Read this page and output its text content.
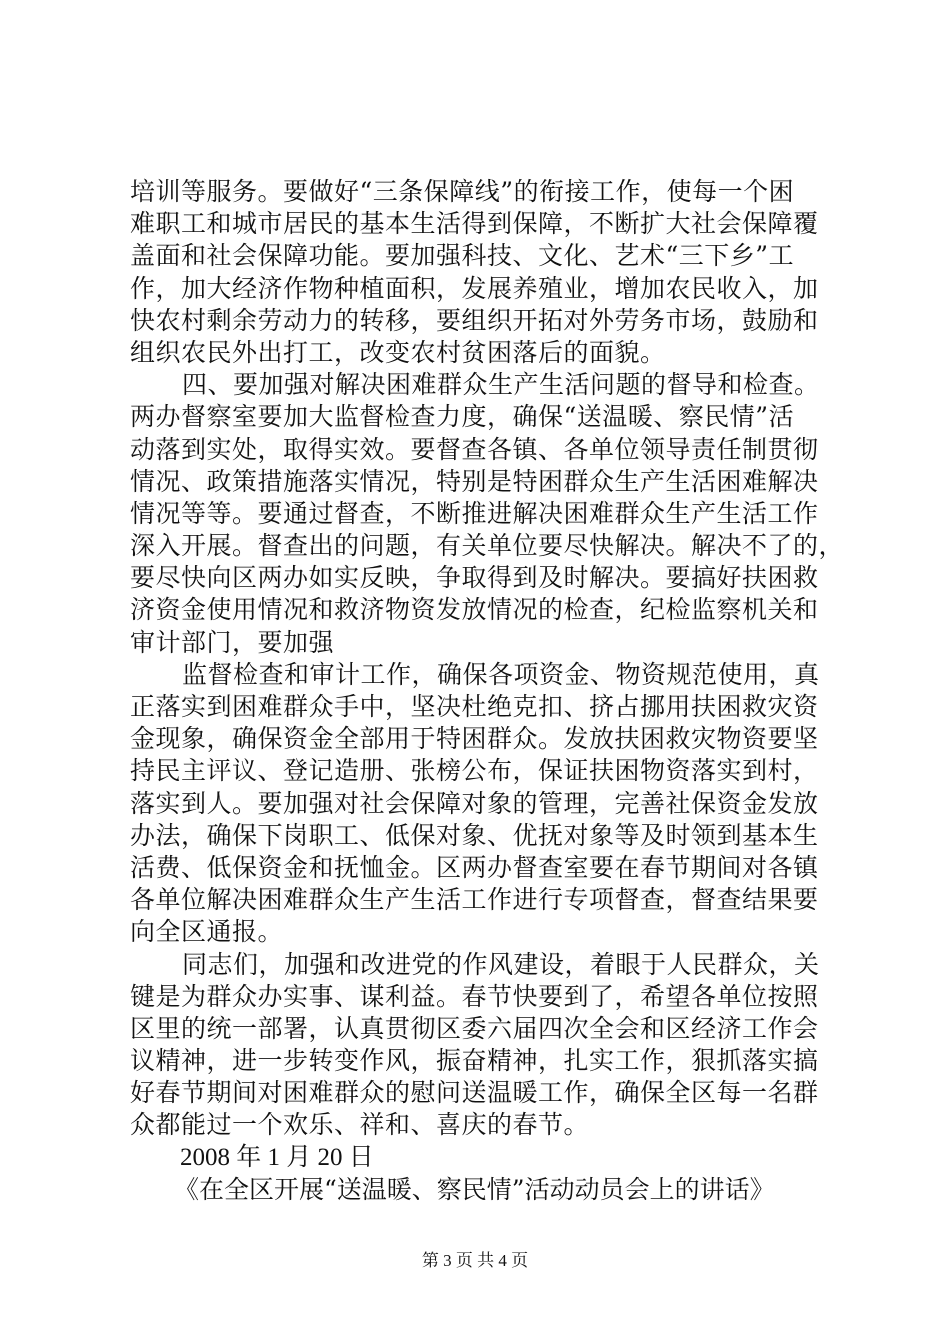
培训等服务。要做好“三条保障线”的衔接工作，使每一个困
难职工和城市居民的基本生活得到保障，不断扩大社会保障覆
盖面和社会保障功能。要加强科技、文化、艺术“三下乡”工
作，加大经济作物种植面积，发展养殖业，增加农民收入，加
快农村剩余劳动力的转移，要组织开拓对外劳务市场，鼓励和
组织农民外出打工，改变农村贫困落后的面貌。
四、要加强对解决困难群众生产生活问题的督导和检查。
两办督察室要加大监督检查力度，确保“送温暖、察民情”活
动落到实处，取得实效。要督查各镇、各单位领导责任制贯彻
情况、政策措施落实情况，特别是特困群众生产生活困难解决
情况等等。要通过督查，不断推进解决困难群众生产生活工作
深入开展。督查出的问题，有关单位要尽快解决。解决不了的，
要尽快向区两办如实反映，争取得到及时解决。要搞好扶困救
济资金使用情况和救济物资发放情况的检查，纪检监察机关和
审计部门，要加强
监督检查和审计工作，确保各项资金、物资规范使用，真
正落实到困难群众手中，坚决杜绝克扣、挤占挪用扶困救灾资
金现象，确保资金全部用于特困群众。发放扶困救灾物资要坚
持民主评议、登记造册、张榜公布，保证扶困物资落实到村，
落实到人。要加强对社会保障对象的管理，完善社保资金发放
办法，确保下岗职工、低保对象、优抚对象等及时领到基本生
活费、低保资金和抚恤金。区两办督查室要在春节期间对各镇
各单位解决困难群众生产生活工作进行专项督查，督查结果要
向全区通报。
同志们，加强和改进党的作风建设，着眼于人民群众，关
键是为群众办实事、谋利益。春节快要到了，希望各单位按照
区里的统一部署，认真贯彻区委六届四次全会和区经济工作会
议精神，进一步转变作风，振奋精神，扎实工作，狠抓落实搞
好春节期间对困难群众的慰问送温暖工作，确保全区每一名群
众都能过一个欢乐、祥和、喜庆的春节。
2008 年 1 月 20 日
《在全区开展“送温暖、察民情”活动动员会上的讲话》
第 3 页 共 4 页
